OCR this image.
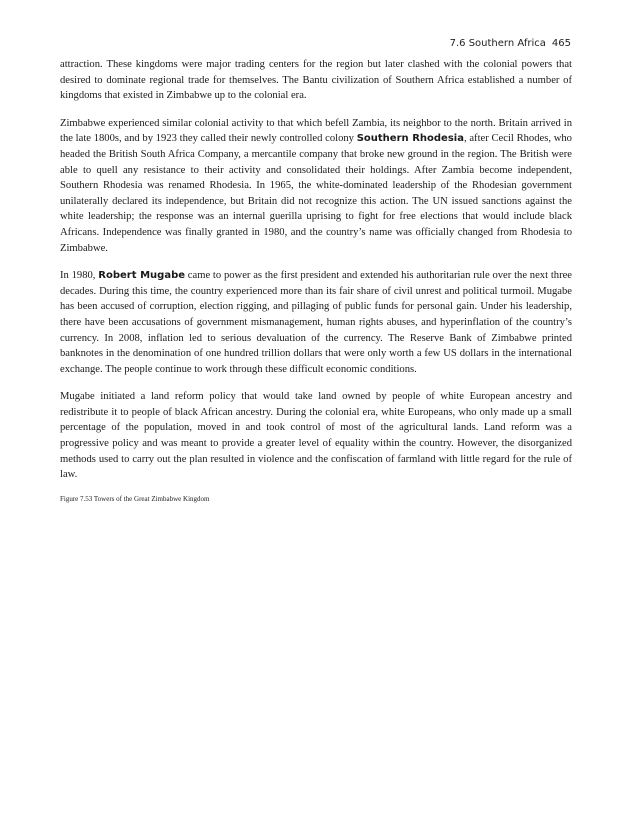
7.6 Southern Africa 465

attraction. These kingdoms were major trading centers for the region but later clashed with the colonial powers that desired to dominate regional trade for themselves. The Bantu civilization of Southern Africa established a number of kingdoms that existed in Zimbabwe up to the colonial era.

Zimbabwe experienced similar colonial activity to that which befell Zambia, its neighbor to the north. Britain arrived in the late 1800s, and by 1923 they called their newly controlled colony Southern Rhodesia, after Cecil Rhodes, who headed the British South Africa Company, a mercantile company that broke new ground in the region. The British were able to quell any resistance to their activity and consolidated their holdings. After Zambia become independent, Southern Rhodesia was renamed Rhodesia. In 1965, the white-dominated leadership of the Rhodesian government unilaterally declared its independence, but Britain did not recognize this action. The UN issued sanctions against the white leadership; the response was an internal guerilla uprising to fight for free elections that would include black Africans. Independence was finally granted in 1980, and the country’s name was officially changed from Rhodesia to Zimbabwe.

In 1980, Robert Mugabe came to power as the first president and extended his authoritarian rule over the next three decades. During this time, the country experienced more than its fair share of civil unrest and political turmoil. Mugabe has been accused of corruption, election rigging, and pillaging of public funds for personal gain. Under his leadership, there have been accusations of government mismanagement, human rights abuses, and hyperinflation of the country’s currency. In 2008, inflation led to serious devaluation of the currency. The Reserve Bank of Zimbabwe printed banknotes in the denomination of one hundred trillion dollars that were only worth a few US dollars in the international exchange. The people continue to work through these difficult economic conditions.

Mugabe initiated a land reform policy that would take land owned by people of white European ancestry and redistribute it to people of black African ancestry. During the colonial era, white Europeans, who only made up a small percentage of the population, moved in and took control of most of the agricultural lands. Land reform was a progressive policy and was meant to provide a greater level of equality within the country. However, the disorganized methods used to carry out the plan resulted in violence and the confiscation of farmland with little regard for the rule of law.

Figure 7.53 Towers of the Great Zimbabwe Kingdom
